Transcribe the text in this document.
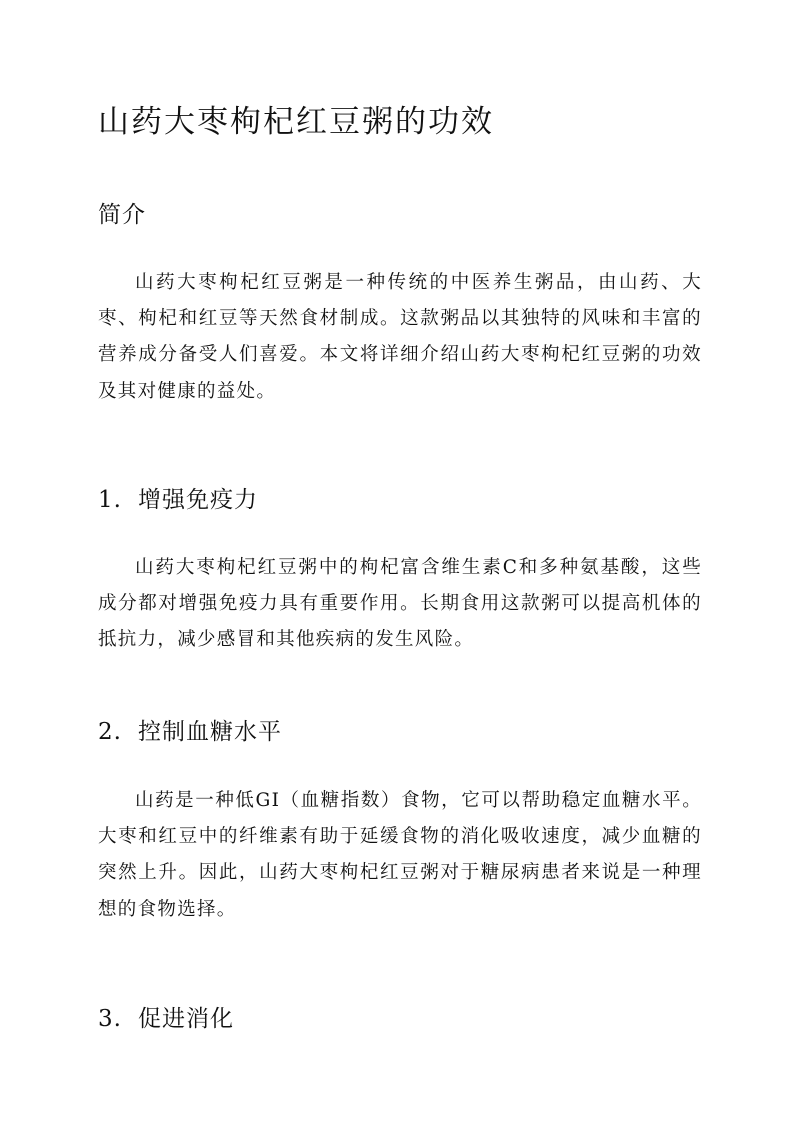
山药大枣枸杞红豆粥的功效
简介

山药大枣枸杞红豆粥是一种传统的中医养生粥品，由山药、大枣、枸杞和红豆等天然食材制成。这款粥品以其独特的风味和丰富的营养成分备受人们喜爱。本文将详细介绍山药大枣枸杞红豆粥的功效及其对健康的益处。

1. 增强免疫力

山药大枣枸杞红豆粥中的枸杞富含维生素C和多种氨基酸，这些成分都对增强免疫力具有重要作用。长期食用这款粥可以提高机体的抵抗力，减少感冒和其他疾病的发生风险。

2. 控制血糖水平

山药是一种低GI（血糖指数）食物，它可以帮助稳定血糖水平。大枣和红豆中的纤维素有助于延缓食物的消化吸收速度，减少血糖的突然上升。因此，山药大枣枸杞红豆粥对于糖尿病患者来说是一种理想的食物选择。

3. 促进消化
